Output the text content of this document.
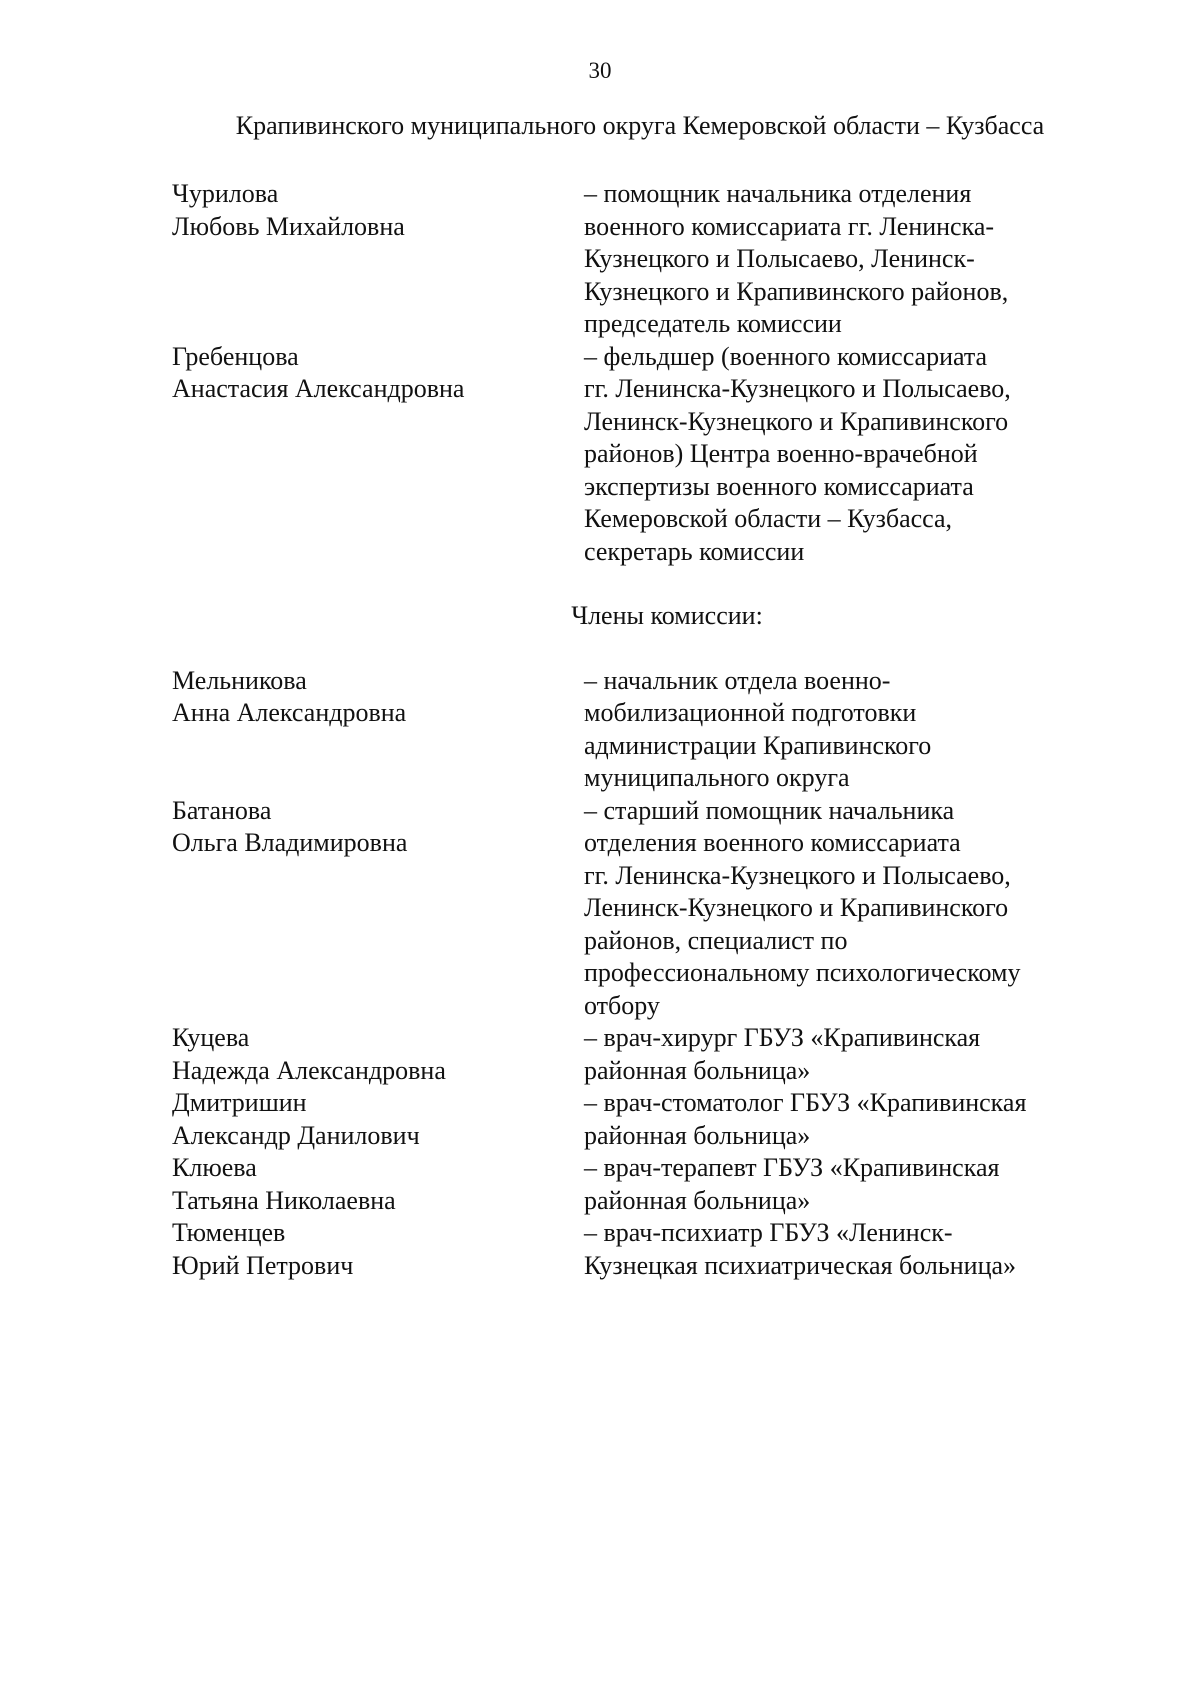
30
Крапивинского муниципального округа Кемеровской области – Кузбасса
Чурилова
Любовь Михайловна
– помощник начальника отделения
военного комиссариата гг. Ленинска-
Кузнецкого и Полысаево, Ленинск-
Кузнецкого и Крапивинского районов,
председатель комиссии
Гребенцова
Анастасия Александровна
– фельдшер (военного комиссариата
гг. Ленинска-Кузнецкого и Полысаево,
Ленинск-Кузнецкого и Крапивинского
районов) Центра военно-врачебной
экспертизы военного комиссариата
Кемеровской области – Кузбасса,
секретарь комиссии
Члены комиссии:
Мельникова
Анна Александровна
– начальник отдела военно-
мобилизационной подготовки
администрации Крапивинского
муниципального округа
Батанова
Ольга Владимировна
– старший помощник начальника
отделения военного комиссариата
гг. Ленинска-Кузнецкого и Полысаево,
Ленинск-Кузнецкого и Крапивинского
районов, специалист по
профессиональному психологическому
отбору
Куцева
Надежда Александровна
– врач-хирург ГБУЗ «Крапивинская
районная больница»
Дмитришин
Александр Данилович
– врач-стоматолог ГБУЗ «Крапивинская
районная больница»
Клюева
Татьяна Николаевна
– врач-терапевт ГБУЗ «Крапивинская
районная больница»
Тюменцев
Юрий Петрович
– врач-психиатр ГБУЗ «Ленинск-
Кузнецкая психиатрическая больница»
